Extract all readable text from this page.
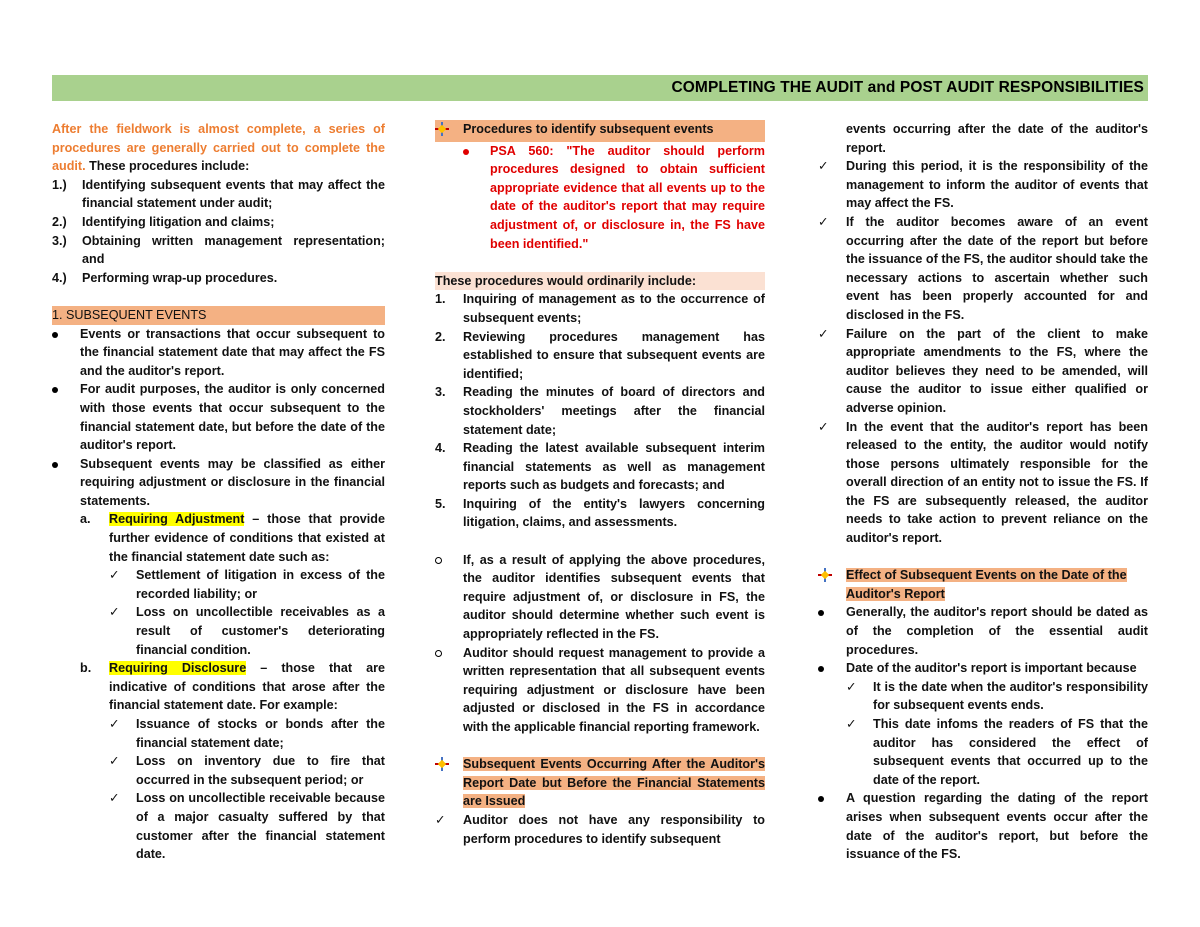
COMPLETING THE AUDIT and POST AUDIT RESPONSIBILITIES

After the fieldwork is almost complete, a series of procedures are generally carried out to complete the audit. These procedures include:

1.)	Identifying subsequent events that may affect the financial statement under audit;
2.)	Identifying litigation and claims;
3.)	Obtaining written management representation; and
4.)	Performing wrap-up procedures.
1. SUBSEQUENT EVENTS
Events or transactions that occur subsequent to the financial statement date that may affect the FS and the auditor's report.
For audit purposes, the auditor is only concerned with those events that occur subsequent to the financial statement date, but before the date of the auditor's report.
Subsequent events may be classified as either requiring adjustment or disclosure in the financial statements.
a.	Requiring Adjustment – those that provide further evidence of conditions that existed at the financial statement date such as:
✓	Settlement of litigation in excess of the recorded liability; or
✓	Loss on uncollectible receivables as a result of customer's deteriorating financial condition.
b.	Requiring Disclosure – those that are indicative of conditions that arose after the financial statement date. For example:
✓	Issuance of stocks or bonds after the financial statement date;
✓	Loss on inventory due to fire that occurred in the subsequent period; or
✓	Loss on uncollectible receivable because of a major casualty suffered by that customer after the financial statement date.
Procedures to identify subsequent events
PSA 560: "The auditor should perform procedures designed to obtain sufficient appropriate evidence that all events up to the date of the auditor's report that may require adjustment of, or disclosure in, the FS have been identified."
These procedures would ordinarily include:
1.	Inquiring of management as to the occurrence of subsequent events;
2.	Reviewing procedures management has established to ensure that subsequent events are identified;
3.	Reading the minutes of board of directors and stockholders' meetings after the financial statement date;
4.	Reading the latest available subsequent interim financial statements as well as management reports such as budgets and forecasts; and
5.	Inquiring of the entity's lawyers concerning litigation, claims, and assessments.
If, as a result of applying the above procedures, the auditor identifies subsequent events that require adjustment of, or disclosure in FS, the auditor should determine whether such event is appropriately reflected in the FS.
Auditor should request management to provide a written representation that all subsequent events requiring adjustment or disclosure have been adjusted or disclosed in the FS in accordance with the applicable financial reporting framework.
Subsequent Events Occurring After the Auditor's Report Date but Before the Financial Statements are Issued
✓	Auditor does not have any responsibility to perform procedures to identify subsequent
events occurring after the date of the auditor's report.
✓	During this period, it is the responsibility of the management to inform the auditor of events that may affect the FS.
✓	If the auditor becomes aware of an event occurring after the date of the report but before the issuance of the FS, the auditor should take the necessary actions to ascertain whether such event has been properly accounted for and disclosed in the FS.
✓	Failure on the part of the client to make appropriate amendments to the FS, where the auditor believes they need to be amended, will cause the auditor to issue either qualified or adverse opinion.
✓	In the event that the auditor's report has been released to the entity, the auditor would notify those persons ultimately responsible for the overall direction of an entity not to issue the FS. If the FS are subsequently released, the auditor needs to take action to prevent reliance on the auditor's report.
Effect of Subsequent Events on the Date of the Auditor's Report
Generally, the auditor's report should be dated as of the completion of the essential audit procedures.
Date of the auditor's report is important because
✓	It is the date when the auditor's responsibility for subsequent events ends.
✓	This date infoms the readers of FS that the auditor has considered the effect of subsequent events that occurred up to the date of the report.
A question regarding the dating of the report arises when subsequent events occur after the date of the auditor's report, but before the issuance of the FS.
